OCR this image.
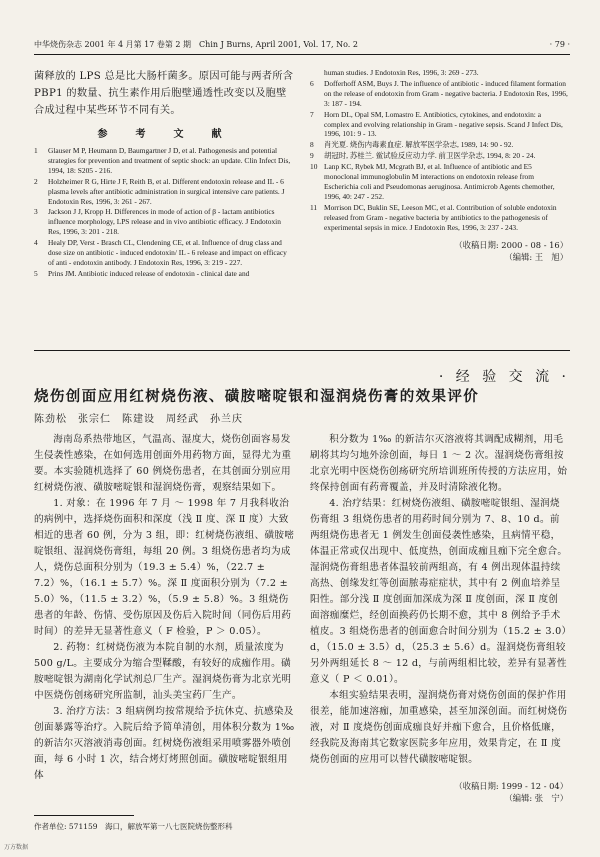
中华烧伤杂志 2001 年 4 月第 17 卷第 2 期　Chin J Burns, April 2001, Vol. 17, No. 2	· 79 ·

菌释放的 LPS 总是比大肠杆菌多。原因可能与两者所含 PBP1 的数量、抗生素作用后胞壁通透性改变以及胞壁合成过程中某些环节不同有关。

参　考　文　献
1	Glauser M P, Heumann D, Baumgartner J D, et al. Pathogenesis and potential strategies for prevention and treatment of septic shock: an update. Clin Infect Dis, 1994, 18: S205 - 216.
2	Holzheimer R G, Hirte J F, Reith B, et al. Different endotoxin release and IL - 6 plasma levels after antibiotic administration in surgical intensive care patients. J Endotoxin Res, 1996, 3: 261 - 267.
3	Jackson J J, Kropp H. Differences in mode of action of β - lactam antibiotics influence morphology, LPS release and in vivo antibiotic efficacy. J Endotoxin Res, 1996, 3: 201 - 218.
4	Healy DP, Verst - Brasch CL, Clendening CE, et al. Influence of drug class and dose size on antibiotic - induced endotoxin/ IL - 6 release and impact on efficacy of anti - endotoxin antibody. J Endotoxin Res, 1996, 3: 219 - 227.
5	Prins JM. Antibiotic induced release of endotoxin - clinical date and
human studies. J Endotoxin Res, 1996, 3: 269 - 273.
6	Dofferhoff ASM, Buys J. The influence of antibiotic - induced filament formation on the release of endotoxin from Gram - negative bacteria. J Endotoxin Res, 1996, 3: 187 - 194.
7	Horn DL, Opal SM, Lomastro E. Antibiotics, cytokines, and endotoxin: a complex and evolving relationship in Gram - negative sepsis. Scand J Infect Dis, 1996, 101: 9 - 13.
8	肖光夏. 烧伤内毒素血症. 解放军医学杂志, 1989, 14: 90 - 92.
9	胡冠时, 苏桂兰. 鲎试验反应动力学. 前卫医学杂志, 1994, 8: 20 - 24.
10 Lanp KC, Rybek MJ, Mcgrath BJ, et al. Influence of antibiotic and E5 monoclonal immunoglobulin M interactions on endotoxin release from Escherichia coli and Pseudomonas aeruginosa. Antimicrob Agents chemother, 1996, 40: 247 - 252.
11 Morrison DC, Buklin SE, Leeson MC, et al. Contribution of soluble endotoxin released from Gram - negative bacteria by antibiotics to the pathogenesis of experimental sepsis in mice. J Endotoxin Res, 1996, 3: 237 - 243.
（收稿日期: 2000 - 08 - 16）
（编辑: 王　旭）
· 经 验 交 流 ·
烧伤创面应用红树烧伤液、磺胺嘧啶银和湿润烧伤膏的效果评价
陈劲松　张宗仁　陈建设　周经武　孙兰庆

海南岛系热带地区，气温高、湿度大，烧伤创面容易发生侵袭性感染，在如何选用创面外用药物方面，显得尤为重要。本实验随机选择了 60 例烧伤患者，在其创面分别应用红树烧伤液、磺胺嘧啶银和湿润烧伤膏，观察结果如下。

1. 对象：在 1996 年 7 月 ～ 1998 年 7 月我科收治的病例中，选择烧伤面积和深度（浅 Ⅱ 度、深 Ⅱ 度）大致相近的患者 60 例，分为 3 组，即：红树烧伤液组、磺胺嘧啶银组、湿润烧伤膏组，每组 20 例。3 组烧伤患者均为成人，烧伤总面积分别为（19.3 ± 5.4）%，（22.7 ± 7.2）%，（16.1 ± 5.7）%。深 Ⅱ 度面积分别为（7.2 ± 5.0）%，（11.5 ± 3.2）%，（5.9 ± 5.8）%。3 组烧伤患者的年龄、伤情、受伤原因及伤后入院时间（同伤后用药时间）的差异无显著性意义（ F 检验，P ＞ 0.05）。

2. 药物：红树烧伤液为本院自制的水剂，质量浓度为 500 g/L。主要成分为缩合型鞣酸，有较好的成痂作用。磺胺嘧啶银为湖南化学试剂总厂生产。湿润烧伤膏为北京光明中医烧伤创疡研究所监制，汕头美宝药厂生产。

3. 治疗方法：3 组病例均按常规给予抗休克、抗感染及创面暴露等治疗。入院后给予简单清创，用体积分数为 1‰ 的新洁尔灭溶液消毒创面。红树烧伤液组采用喷雾器外喷创面，每 6 小时 1 次，结合烤灯烤照创面。磺胺嘧啶银组用体

积分数为 1‰ 的新洁尔灭溶液将其调配成糊剂，用毛刷将其均匀地外涂创面，每日 1 ～ 2 次。湿润烧伤膏组按北京光明中医烧伤创疡研究所培训班所传授的方法应用，始终保持创面有药膏覆盖，并及时清除液化物。

4. 治疗结果：红树烧伤液组、磺胺嘧啶银组、湿润烧伤膏组 3 组烧伤患者的用药时间分别为 7、8、10 d。前两组烧伤患者无 1 例发生创面侵袭性感染，且病情平稳，体温正常或仅出现中、低度热，创面成痂且痂下完全愈合。湿润烧伤膏组患者体温较前两组高，有 4 例出现体温持续高热、创缘发红等创面脓毒症症状，其中有 2 例血培养呈阳性。部分浅 Ⅱ 度创面加深成为深 Ⅱ 度创面，深 Ⅱ 度创面溶痂糜烂，经创面换药仍长期不愈，其中 8 例给予手术植皮。3 组烧伤患者的创面愈合时间分别为（15.2 ± 3.0）d，（15.0 ± 3.5）d，（25.3 ± 5.6）d。湿润烧伤膏组较另外两组延长 8 ～ 12 d，与前两组相比较，差异有显著性意义（ P ＜ 0.01）。

本组实验结果表明，湿润烧伤膏对烧伤创面的保护作用很差，能加速溶痂，加重感染，甚至加深创面。而红树烧伤液，对 Ⅱ 度烧伤创面成痂良好并痂下愈合，且价格低廉，经我院及海南其它数家医院多年应用，效果肯定，在 Ⅱ 度烧伤创面的应用可以替代磺胺嘧啶银。

（收稿日期: 1999 - 12 - 04）
（编辑: 张　宁）
作者单位: 571159　海口，解放军第一八七医院烧伤整形科
万方数据
